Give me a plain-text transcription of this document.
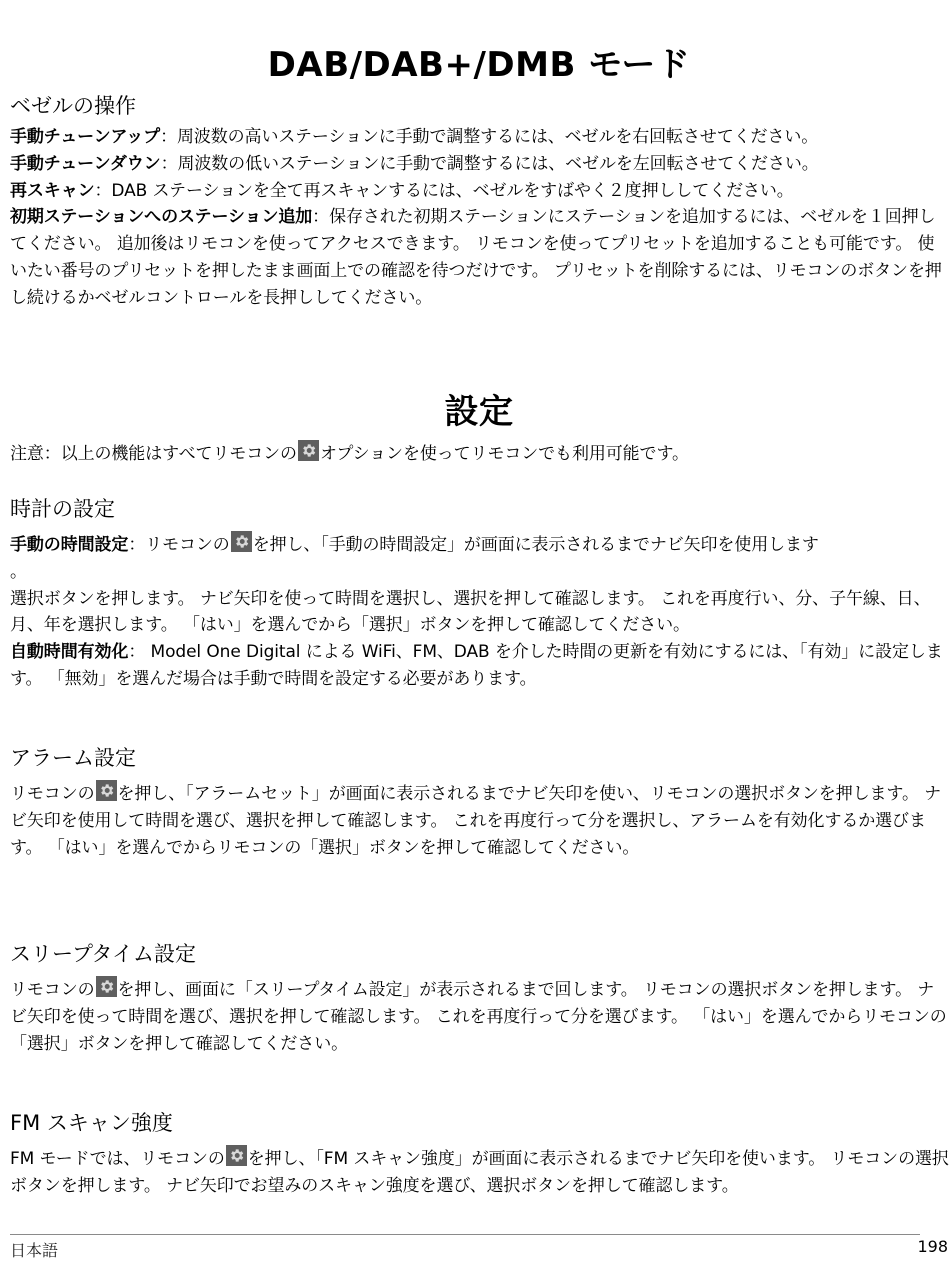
DAB/DAB+/DMB モード
ベゼルの操作
手動チューンアップ：周波数の高いステーションに手動で調整するには、ベゼルを右回転させてください。
手動チューンダウン：周波数の低いステーションに手動で調整するには、ベゼルを左回転させてください。
再スキャン：DAB ステーションを全て再スキャンするには、ベゼルをすばやく２度押ししてください。
初期ステーションへのステーション追加：保存された初期ステーションにステーションを追加するには、ベゼルを１回押してください。 追加後はリモコンを使ってアクセスできます。 リモコンを使ってプリセットを追加することも可能です。 使いたい番号のプリセットを押したまま画面上での確認を待つだけです。 プリセットを削除するには、リモコンのボタンを押し続けるかベゼルコントロールを長押ししてください。
設定
注意：以上の機能はすべてリモコンの オプションを使ってリモコンでも利用可能です。
時計の設定
手動の時間設定：リモコンの を押し、「手動の時間設定」が画面に表示されるまでナビ矢印を使用します
。
選択ボタンを押します。 ナビ矢印を使って時間を選択し、選択を押して確認します。 これを再度行い、分、子午線、日、月、年を選択します。 「はい」を選んでから「選択」ボタンを押して確認してください。
自動時間有効化： Model One Digital による WiFi、FM、DAB を介した時間の更新を有効にするには、「有効」に設定します。 「無効」を選んだ場合は手動で時間を設定する必要があります。
アラーム設定
リモコンの を押し、「アラームセット」が画面に表示されるまでナビ矢印を使い、リモコンの選択ボタンを押します。 ナビ矢印を使用して時間を選び、選択を押して確認します。 これを再度行って分を選択し、アラームを有効化するか選びます。 「はい」を選んでからリモコンの「選択」ボタンを押して確認してください。
スリープタイム設定
リモコンの を押し、画面に「スリープタイム設定」が表示されるまで回します。 リモコンの選択ボタンを押します。 ナビ矢印を使って時間を選び、選択を押して確認します。 これを再度行って分を選びます。 「はい」を選んでからリモコンの「選択」ボタンを押して確認してください。
FM スキャン強度
FM モードでは、リモコンの を押し、「FM スキャン強度」が画面に表示されるまでナビ矢印を使います。 リモコンの選択ボタンを押します。 ナビ矢印でお望みのスキャン強度を選び、選択ボタンを押して確認します。
日本語	198
